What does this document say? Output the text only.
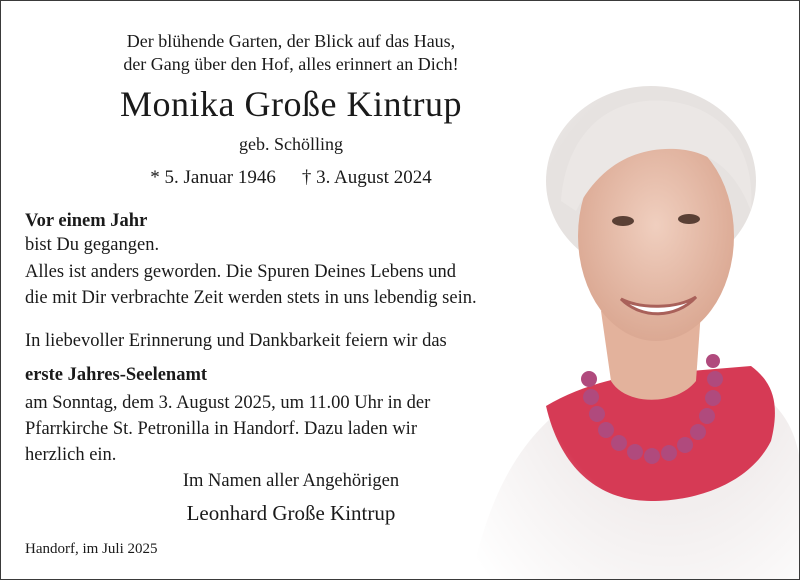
Der blühende Garten, der Blick auf das Haus,
der Gang über den Hof, alles erinnert an Dich!
Monika Große Kintrup
geb. Schölling
* 5. Januar 1946 † 3. August 2024
Vor einem Jahr
bist Du gegangen.
Alles ist anders geworden. Die Spuren Deines Lebens und
die mit Dir verbrachte Zeit werden stets in uns lebendig sein.
In liebevoller Erinnerung und Dankbarkeit feiern wir das
erste Jahres-Seelenamt
am Sonntag, dem 3. August 2025, um 11.00 Uhr in der
Pfarrkirche St. Petronilla in Handorf. Dazu laden wir
herzlich ein.
Im Namen aller Angehörigen
Leonhard Große Kintrup
Handorf, im Juli 2025
